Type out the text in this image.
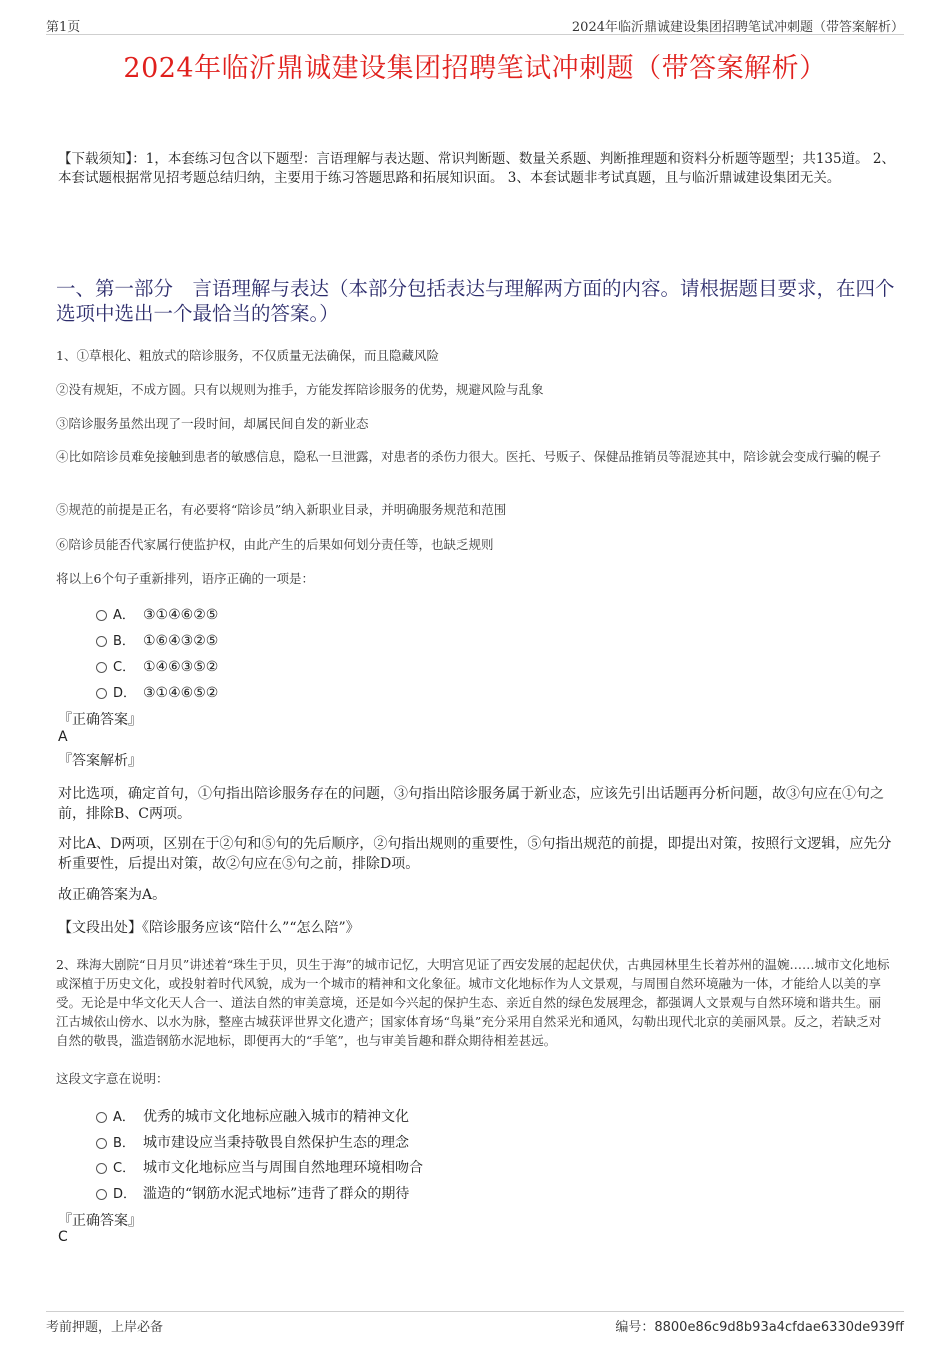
第1页	2024年临沂鼎诚建设集团招聘笔试冲刺题（带答案解析）
2024年临沂鼎诚建设集团招聘笔试冲刺题（带答案解析）
【下载须知】：1，本套练习包含以下题型：言语理解与表达题、常识判断题、数量关系题、判断推理题和资料分析题等题型；共135道。 2、本套试题根据常见招考题总结归纳，主要用于练习答题思路和拓展知识面。 3、本套试题非考试真题，且与临沂鼎诚建设集团无关。
一、第一部分　言语理解与表达（本部分包括表达与理解两方面的内容。请根据题目要求，在四个选项中选出一个最恰当的答案。）
1、①草根化、粗放式的陪诊服务，不仅质量无法确保，而且隐藏风险
②没有规矩，不成方圆。只有以规则为推手，方能发挥陪诊服务的优势，规避风险与乱象
③陪诊服务虽然出现了一段时间，却属民间自发的新业态
④比如陪诊员难免接触到患者的敏感信息，隐私一旦泄露，对患者的杀伤力很大。医托、号贩子、保健品推销员等混迹其中，陪诊就会变成行骗的幌子
⑤规范的前提是正名，有必要将“陪诊员”纳入新职业目录，并明确服务规范和范围
⑥陪诊员能否代家属行使监护权，由此产生的后果如何划分责任等，也缺乏规则
将以上6个句子重新排列，语序正确的一项是：
A． ③①④⑥②⑤
B． ①⑥④③②⑤
C． ①④⑥③⑤②
D． ③①④⑥⑤②
『正确答案』
A
『答案解析』
对比选项，确定首句，①句指出陪诊服务存在的问题，③句指出陪诊服务属于新业态，应该先引出话题再分析问题，故③句应在①句之前，排除B、C两项。
对比A、D两项，区别在于②句和⑤句的先后顺序，②句指出规则的重要性，⑤句指出规范的前提，即提出对策，按照行文逻辑，应先分析重要性，后提出对策，故②句应在⑤句之前，排除D项。
故正确答案为A。
【文段出处】《陪诊服务应该“陪什么”“怎么陪”》
2、珠海大剧院“日月贝”讲述着“珠生于贝，贝生于海”的城市记忆，大明宫见证了西安发展的起起伏伏，古典园林里生长着苏州的温婉……城市文化地标或深植于历史文化，或投射着时代风貌，成为一个城市的精神和文化象征。城市文化地标作为人文景观，与周围自然环境融为一体，才能给人以美的享受。无论是中华文化天人合一、道法自然的审美意境，还是如今兴起的保护生态、亲近自然的绿色发展理念，都强调人文景观与自然环境和谐共生。丽江古城依山傍水、以水为脉，整座古城获评世界文化遗产；国家体育场“鸟巢”充分采用自然采光和通风，勾勒出现代北京的美丽风景。反之，若缺乏对自然的敬畏，滥造钢筋水泥地标，即便再大的“手笔”，也与审美旨趣和群众期待相差甚远。
这段文字意在说明：
A． 优秀的城市文化地标应融入城市的精神文化
B． 城市建设应当秉持敬畏自然保护生态的理念
C． 城市文化地标应当与周围自然地理环境相吻合
D． 滥造的“钢筋水泥式地标”违背了群众的期待
『正确答案』
C
考前押题，上岸必备	编号：8800e86c9d8b93a4cfdae6330de939ff
